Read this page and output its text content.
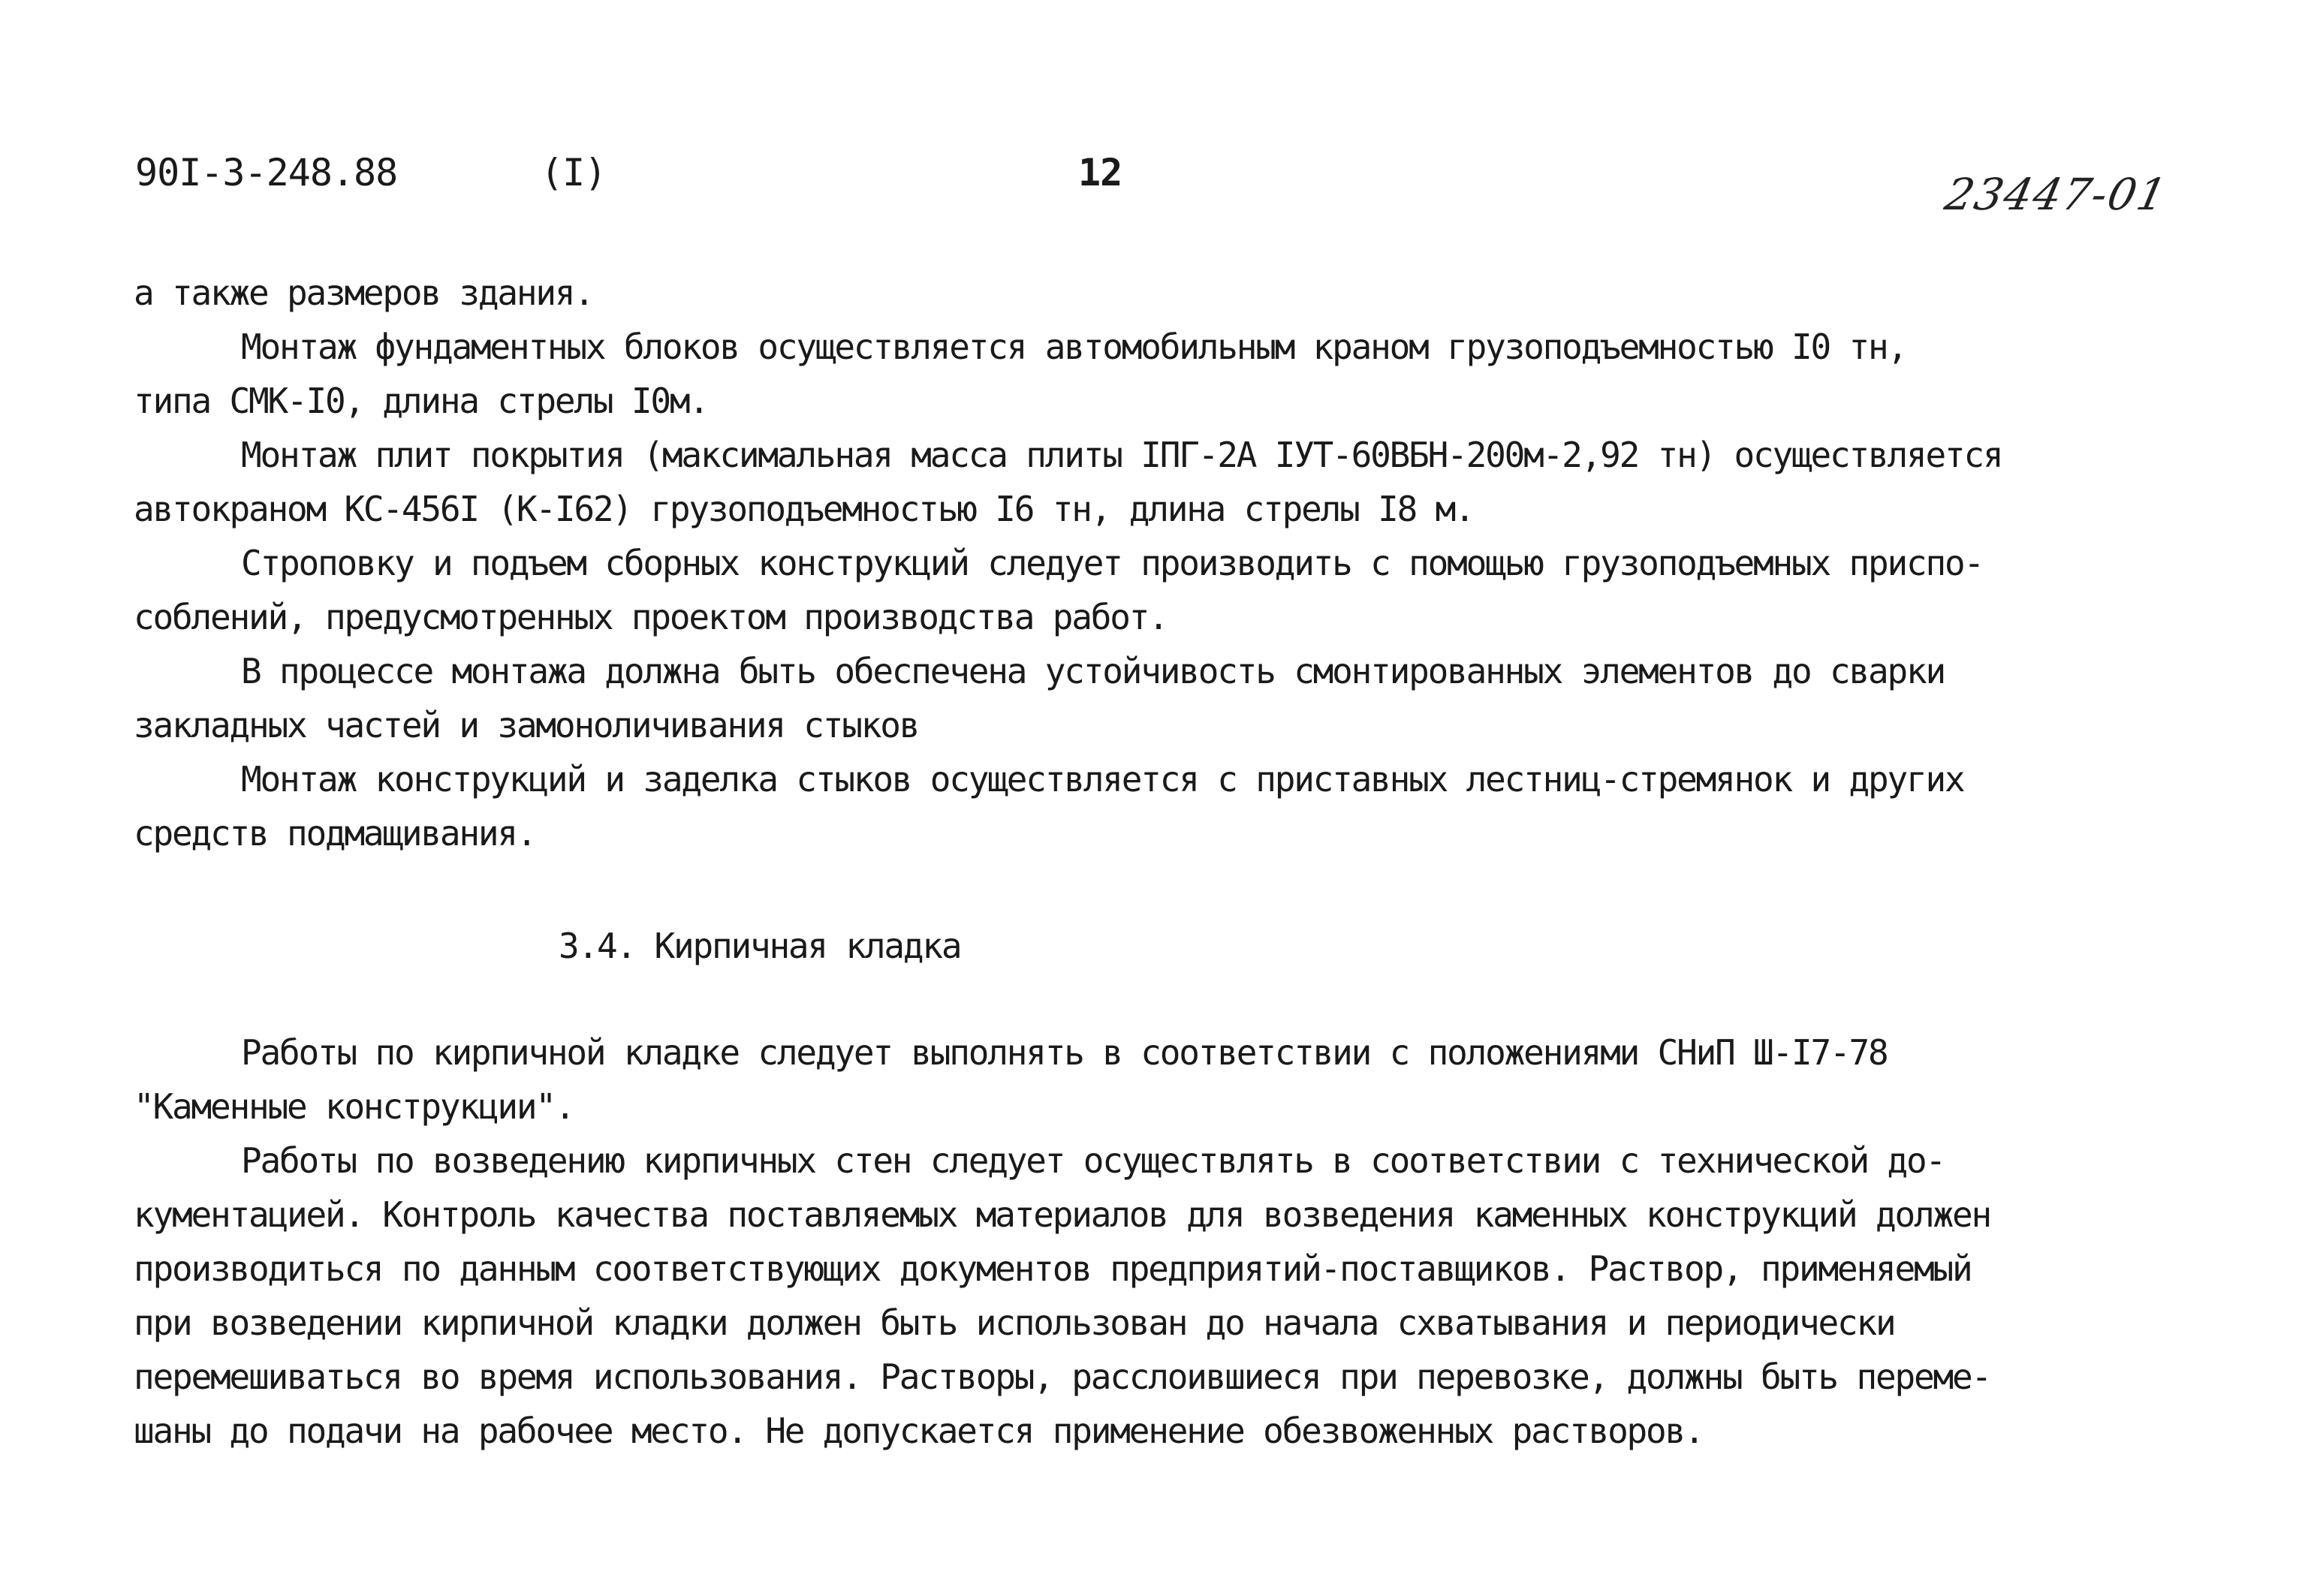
90I-3-248.88	(I)	12	23447-01
а также размеров здания.
Монтаж фундаментных блоков осуществляется автомобильным краном грузоподъемностью I0 тн,
типа СМК-I0, длина стрелы I0м.
Монтаж плит покрытия (максимальная масса плиты IПГ-2А IУТ-60ВБН-200м-2,92 тн) осуществляется
автокраном КС-456I (К-I62) грузоподъемностью I6 тн, длина стрелы I8 м.
Строповку и подъем сборных конструкций следует производить с помощью грузоподъемных приспо-
соблений, предусмотренных проектом производства работ.
В процессе монтажа должна быть обеспечена устойчивость смонтированных элементов до сварки
закладных частей и замоноличивания стыков
Монтаж конструкций и заделка стыков осуществляется с приставных лестниц-стремянок и других
средств подмащивания.
3.4. Кирпичная кладка
Работы по кирпичной кладке следует выполнять в соответствии с положениями СНиП Ш-I7-78
"Каменные конструкции".
Работы по возведению кирпичных стен следует осуществлять в соответствии с технической до-
кументацией. Контроль качества поставляемых материалов для возведения каменных конструкций должен
производиться по данным соответствующих документов предприятий-поставщиков. Раствор, применяемый
при возведении кирпичной кладки должен быть использован до начала схватывания и периодически
перемешиваться во время использования. Растворы, расслоившиеся при перевозке, должны быть переме-
шаны до подачи на рабочее место. Не допускается применение обезвоженных растворов.
